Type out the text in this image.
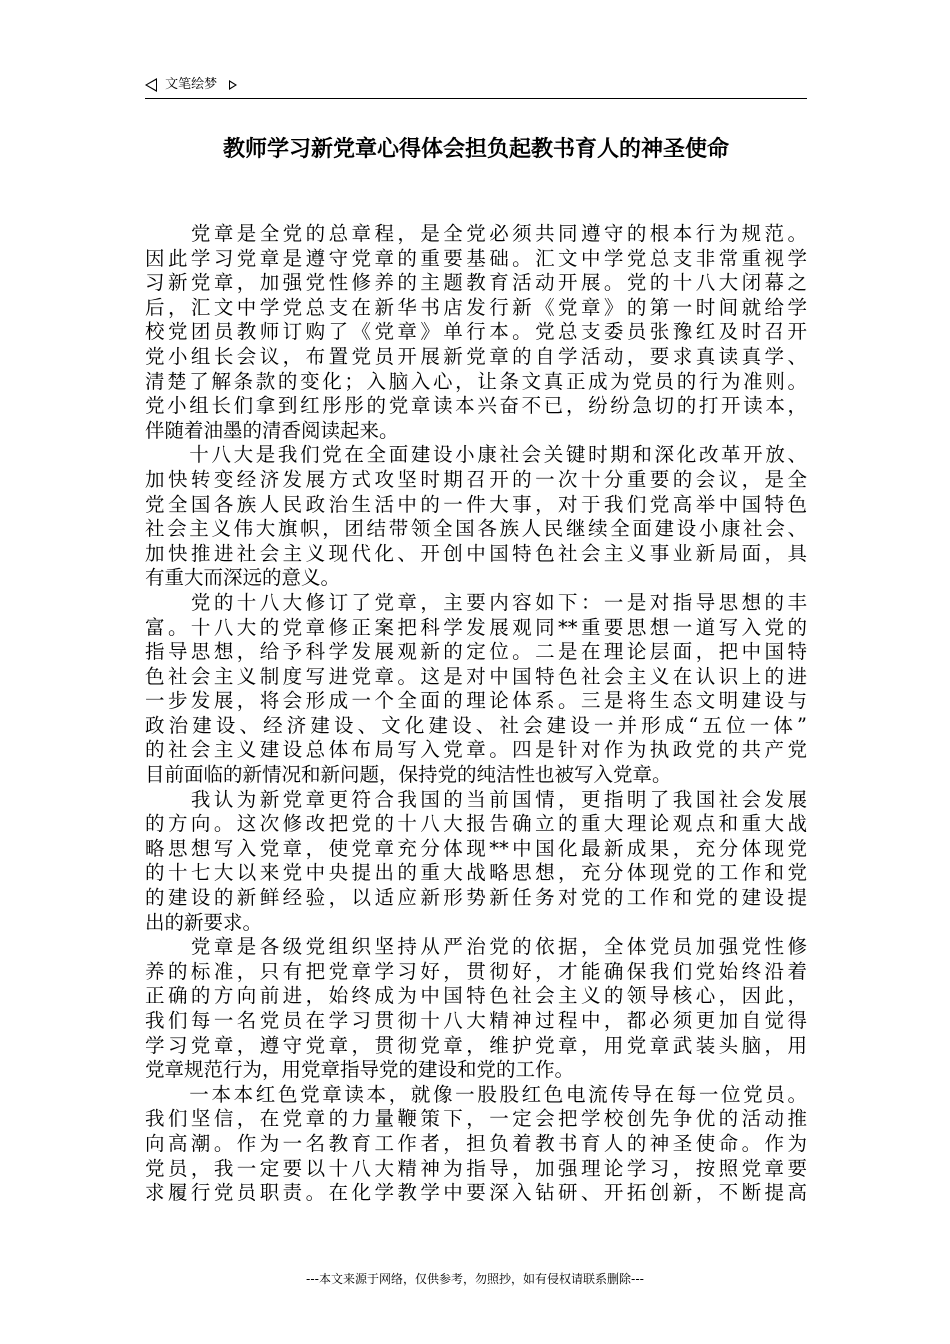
文笔绘梦
教师学习新党章心得体会担负起教书育人的神圣使命
　　党章是全党的总章程，是全党必须共同遵守的根本行为规范。
因此学习党章是遵守党章的重要基础。汇文中学党总支非常重视学
习新党章，加强党性修养的主题教育活动开展。党的十八大闭幕之
后，汇文中学党总支在新华书店发行新《党章》的第一时间就给学
校党团员教师订购了《党章》单行本。党总支委员张豫红及时召开
党小组长会议，布置党员开展新党章的自学活动，要求真读真学、
清楚了解条款的变化；入脑入心，让条文真正成为党员的行为准则。
党小组长们拿到红彤彤的党章读本兴奋不已，纷纷急切的打开读本，
伴随着油墨的清香阅读起来。
　　十八大是我们党在全面建设小康社会关键时期和深化改革开放、
加快转变经济发展方式攻坚时期召开的一次十分重要的会议，是全
党全国各族人民政治生活中的一件大事，对于我们党高举中国特色
社会主义伟大旗帜，团结带领全国各族人民继续全面建设小康社会、
加快推进社会主义现代化、开创中国特色社会主义事业新局面，具
有重大而深远的意义。
　　党的十八大修订了党章，主要内容如下：一是对指导思想的丰
富。十八大的党章修正案把科学发展观同**重要思想一道写入党的
指导思想，给予科学发展观新的定位。二是在理论层面，把中国特
色社会主义制度写进党章。这是对中国特色社会主义在认识上的进
一步发展，将会形成一个全面的理论体系。三是将生态文明建设与
政治建设、经济建设、文化建设、社会建设一并形成“五位一体”
的社会主义建设总体布局写入党章。四是针对作为执政党的共产党
目前面临的新情况和新问题，保持党的纯洁性也被写入党章。
　　我认为新党章更符合我国的当前国情，更指明了我国社会发展
的方向。这次修改把党的十八大报告确立的重大理论观点和重大战
略思想写入党章，使党章充分体现**中国化最新成果，充分体现党
的十七大以来党中央提出的重大战略思想，充分体现党的工作和党
的建设的新鲜经验，以适应新形势新任务对党的工作和党的建设提
出的新要求。
　　党章是各级党组织坚持从严治党的依据，全体党员加强党性修
养的标准，只有把党章学习好，贯彻好，才能确保我们党始终沿着
正确的方向前进，始终成为中国特色社会主义的领导核心，因此，
我们每一名党员在学习贯彻十八大精神过程中，都必须更加自觉得
学习党章，遵守党章，贯彻党章，维护党章，用党章武装头脑，用
党章规范行为，用党章指导党的建设和党的工作。
　　一本本红色党章读本，就像一股股红色电流传导在每一位党员。
我们坚信，在党章的力量鞭策下，一定会把学校创先争优的活动推
向高潮。作为一名教育工作者，担负着教书育人的神圣使命。作为
党员，我一定要以十八大精神为指导，加强理论学习，按照党章要
求履行党员职责。在化学教学中要深入钻研、开拓创新，不断提高
---本文来源于网络，仅供参考，勿照抄，如有侵权请联系删除---
